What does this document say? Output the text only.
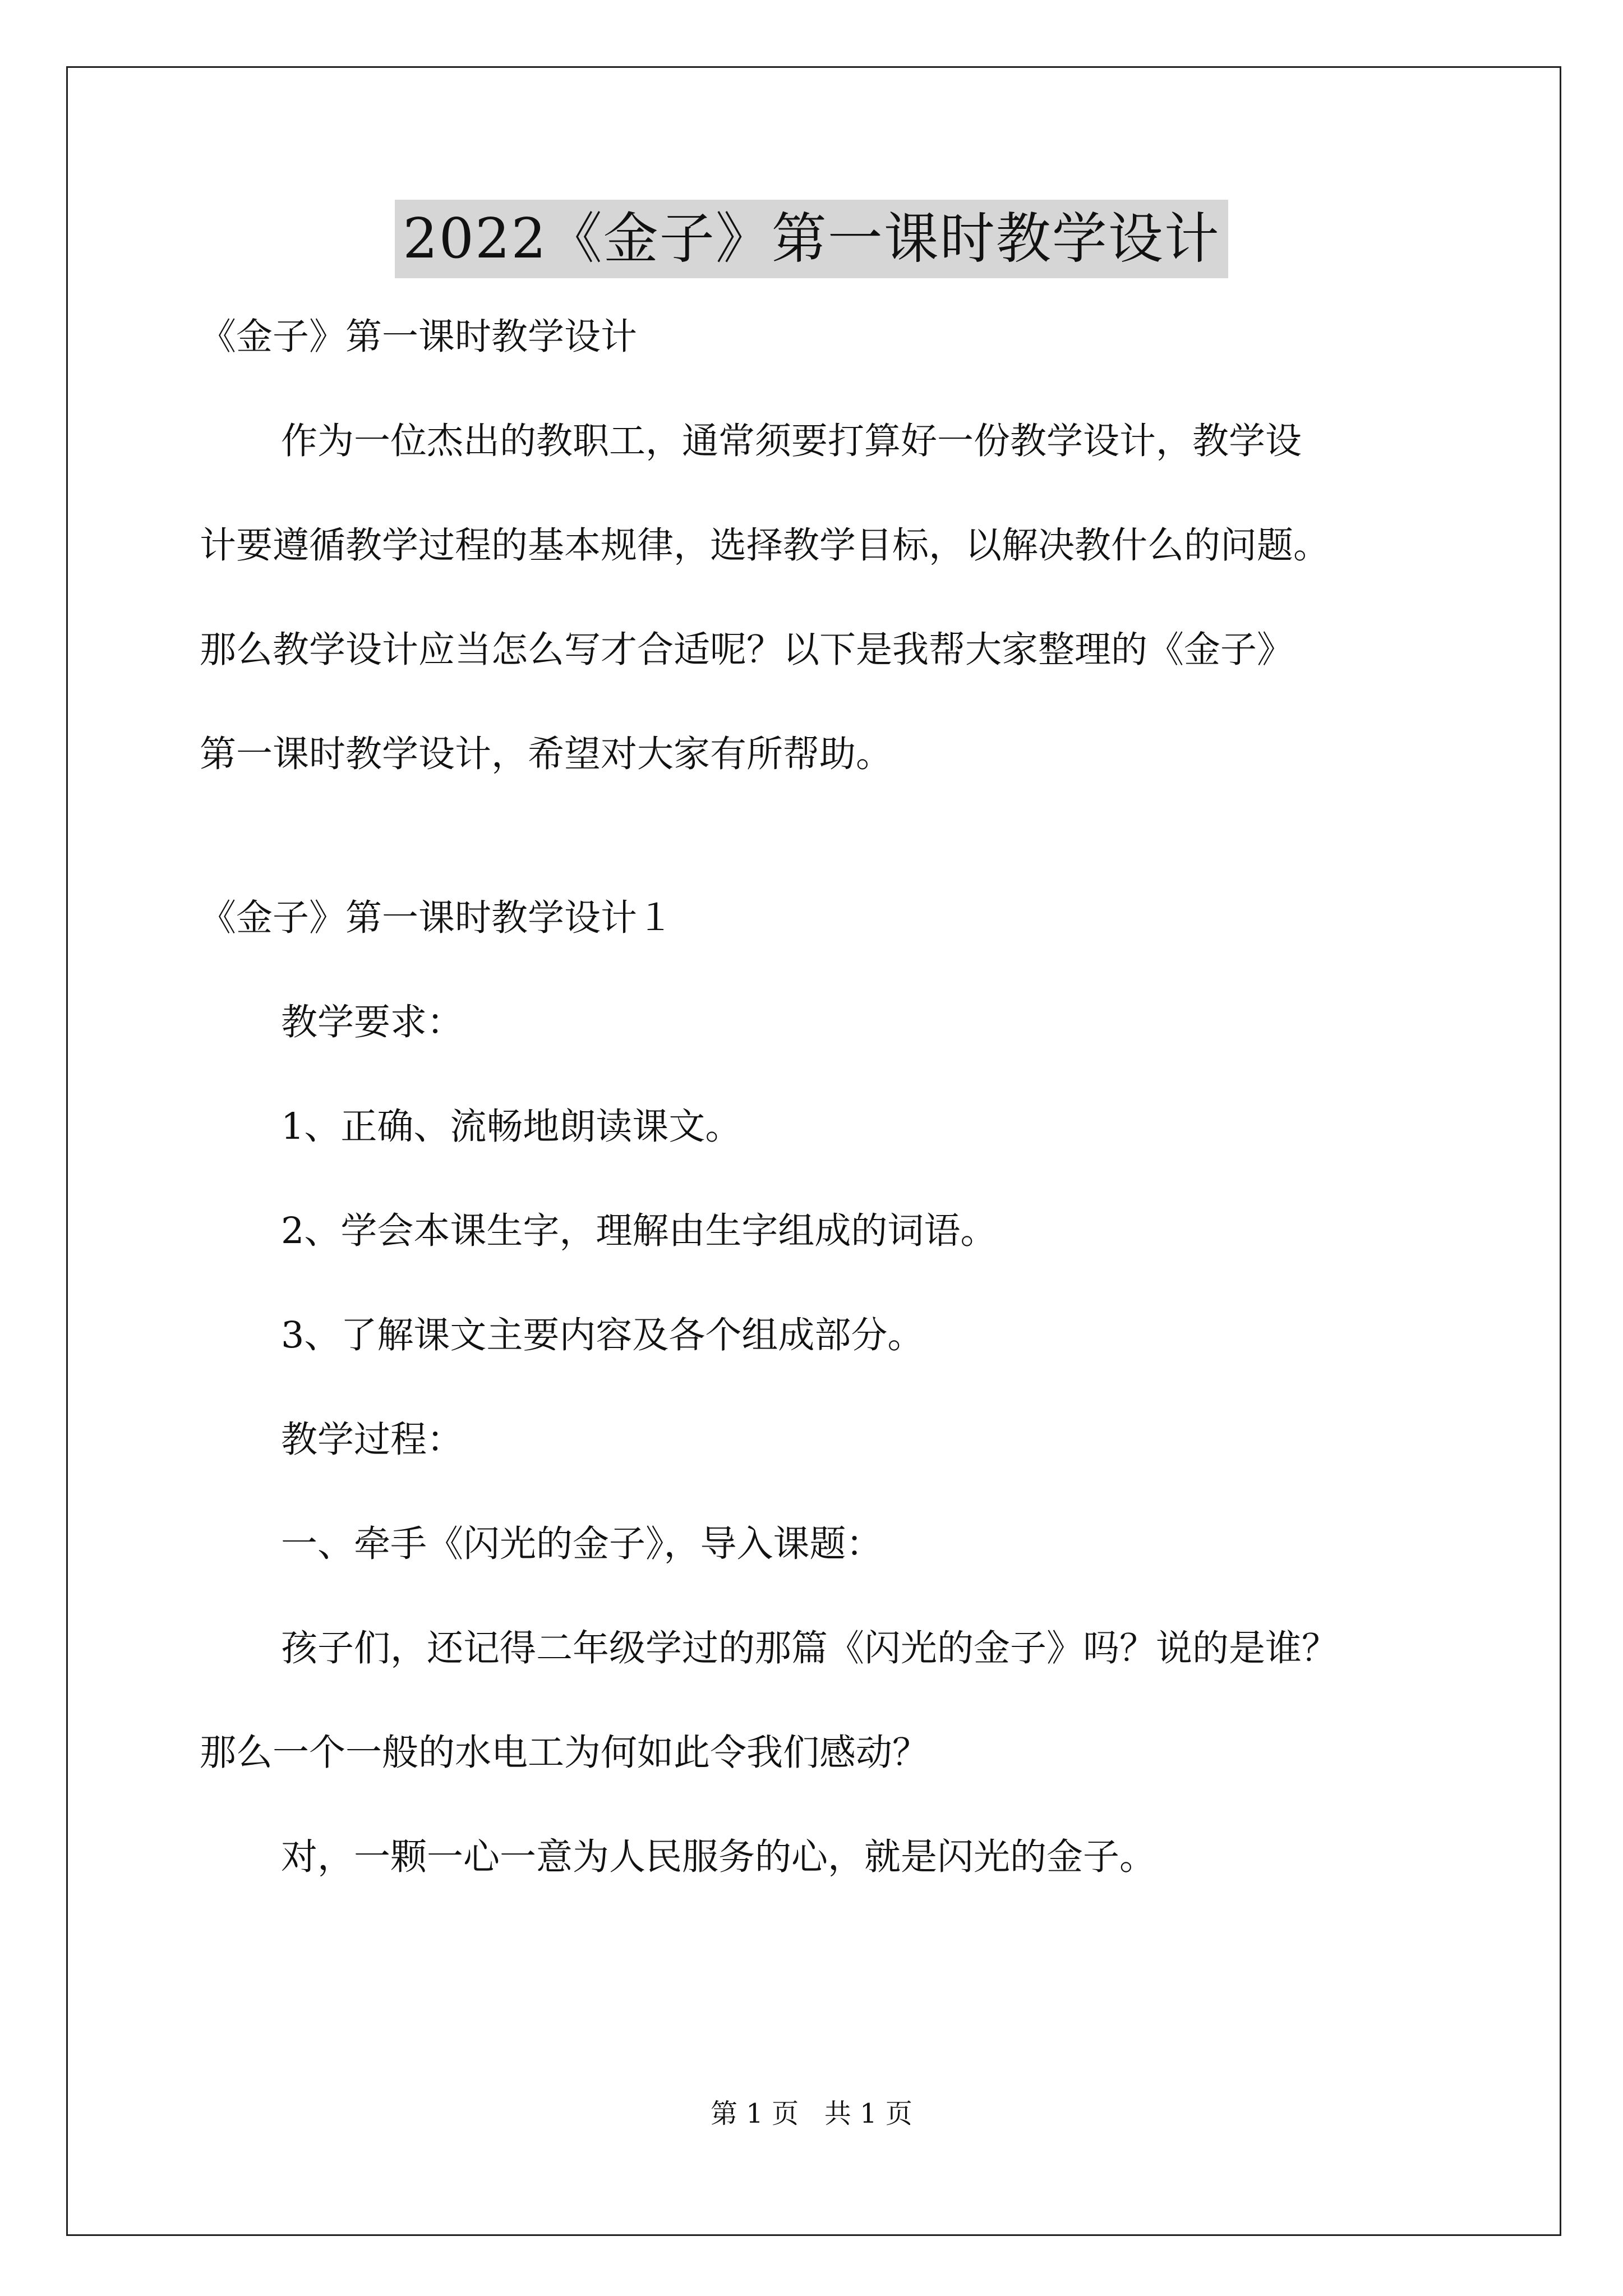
2022《金子》第一课时教学设计

《金子》第一课时教学设计

作为一位杰出的教职工，通常须要打算好一份教学设计，教学设

计要遵循教学过程的基本规律，选择教学目标，以解决教什么的问题。

那么教学设计应当怎么写才合适呢？以下是我帮大家整理的《金子》

第一课时教学设计，希望对大家有所帮助。

《金子》第一课时教学设计１

教学要求：

1、正确、流畅地朗读课文。

2、学会本课生字，理解由生字组成的词语。

3、了解课文主要内容及各个组成部分。

教学过程：

一、牵手《闪光的金子》，导入课题：

孩子们，还记得二年级学过的那篇《闪光的金子》吗？说的是谁？

那么一个一般的水电工为何如此令我们感动？

对，一颗一心一意为人民服务的心，就是闪光的金子。

第 1 页   共 1 页
